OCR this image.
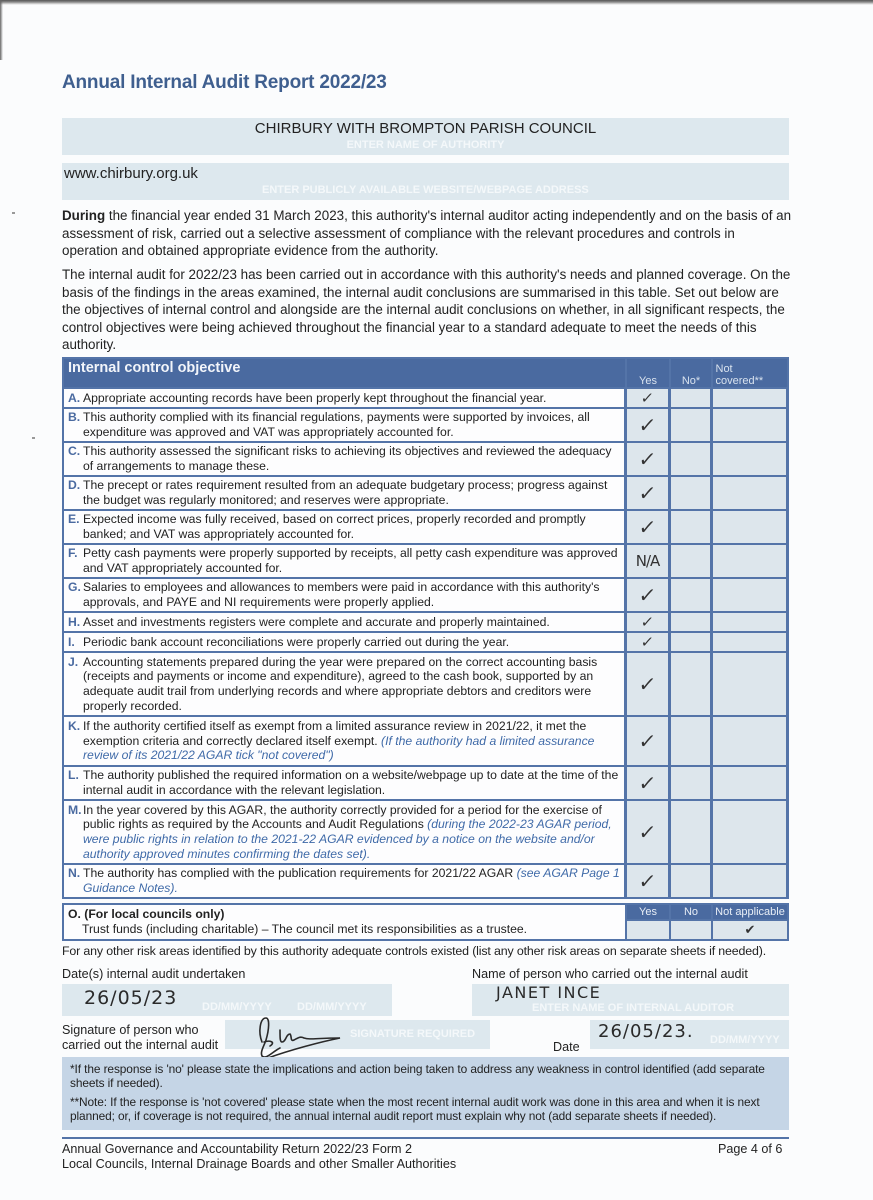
Annual Internal Audit Report 2022/23
CHIRBURY WITH BROMPTON PARISH COUNCIL
ENTER NAME OF AUTHORITY
www.chirbury.org.uk
ENTER PUBLICLY AVAILABLE WEBSITE/WEBPAGE ADDRESS

During the financial year ended 31 March 2023, this authority's internal auditor acting independently and on the basis of an assessment of risk, carried out a selective assessment of compliance with the relevant procedures and controls in operation and obtained appropriate evidence from the authority.

The internal audit for 2022/23 has been carried out in accordance with this authority's needs and planned coverage. On the basis of the findings in the areas examined, the internal audit conclusions are summarised in this table. Set out below are the objectives of internal control and alongside are the internal audit conclusions on whether, in all significant respects, the control objectives were being achieved throughout the financial year to a standard adequate to meet the needs of this authority.

Internal control objective	Yes	No*	Not
covered**

A. Appropriate accounting records have been properly kept throughout the financial year.	✓		

B. This authority complied with its financial regulations, payments were supported by invoices, all expenditure was approved and VAT was appropriately accounted for.	✓		

C. This authority assessed the significant risks to achieving its objectives and reviewed the adequacy of arrangements to manage these.	✓		

D. The precept or rates requirement resulted from an adequate budgetary process; progress against the budget was regularly monitored; and reserves were appropriate.	✓		

E. Expected income was fully received, based on correct prices, properly recorded and promptly banked; and VAT was appropriately accounted for.	✓		

F. Petty cash payments were properly supported by receipts, all petty cash expenditure was approved and VAT appropriately accounted for.	N/A		

G. Salaries to employees and allowances to members were paid in accordance with this authority's approvals, and PAYE and NI requirements were properly applied.	✓		

H. Asset and investments registers were complete and accurate and properly maintained.	✓		

I. Periodic bank account reconciliations were properly carried out during the year.	✓		

J. Accounting statements prepared during the year were prepared on the correct accounting basis (receipts and payments or income and expenditure), agreed to the cash book, supported by an adequate audit trail from underlying records and where appropriate debtors and creditors were properly recorded.	✓		

K. If the authority certified itself as exempt from a limited assurance review in 2021/22, it met the exemption criteria and correctly declared itself exempt. (If the authority had a limited assurance review of its 2021/22 AGAR tick "not covered")	✓		

L. The authority published the required information on a website/webpage up to date at the time of the internal audit in accordance with the relevant legislation.	✓		

M. In the year covered by this AGAR, the authority correctly provided for a period for the exercise of public rights as required by the Accounts and Audit Regulations (during the 2022-23 AGAR period, were public rights in relation to the 2021-22 AGAR evidenced by a notice on the website and/or authority approved minutes confirming the dates set).	✓		

N. The authority has complied with the publication requirements for 2021/22 AGAR (see AGAR Page 1 Guidance Notes).	✓		
O. (For local councils only)
Trust funds (including charitable) – The council met its responsibilities as a trustee.	Yes	No	Not applicable
			✔

For any other risk areas identified by this authority adequate controls existed (list any other risk areas on separate sheets if needed).

Date(s) internal audit undertaken	Name of person who carried out the internal audit
26/05/23 DD/MM/YYYY DD/MM/YYYY
JANET INCE
ENTER NAME OF INTERNAL AUDITOR
Signature of person who
carried out the internal audit
SIGNATURE REQUIRED
Date
26/05/23. DD/MM/YYYY

*If the response is 'no' please state the implications and action being taken to address any weakness in control identified (add separate sheets if needed).

**Note: If the response is 'not covered' please state when the most recent internal audit work was done in this area and when it is next planned; or, if coverage is not required, the annual internal audit report must explain why not (add separate sheets if needed).

Annual Governance and Accountability Return 2022/23 Form 2
Local Councils, Internal Drainage Boards and other Smaller Authorities
Page 4 of 6
